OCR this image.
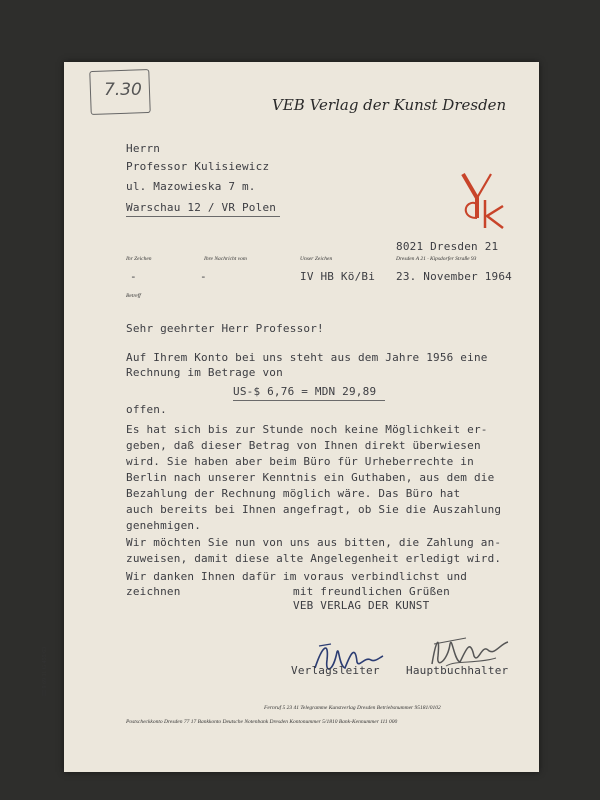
7.30
VEB Verlag der Kunst Dresden
Herrn
Professor Kulisiewicz
ul. Mazowieska 7 m.
Warschau 12 / VR Polen
Ihr Zeichen	Ihre Nachricht vom	Unser Zeichen	Dresden A 21 · Kipsdorfer Straße 93
8021 Dresden 21
-	-	IV HB Kö/Bi 23. November 1964
Betreff
Sehr geehrter Herr Professor!
Auf Ihrem Konto bei uns steht aus dem Jahre 1956 eine
Rechnung im Betrage von
US-$ 6,76 = MDN 29,89
offen.
Es hat sich bis zur Stunde noch keine Möglichkeit er-
geben, daß dieser Betrag von Ihnen direkt überwiesen
wird. Sie haben aber beim Büro für Urheberrechte in
Berlin nach unserer Kenntnis ein Guthaben, aus dem die
Bezahlung der Rechnung möglich wäre. Das Büro hat
auch bereits bei Ihnen angefragt, ob Sie die Auszahlung
genehmigen.
Wir möchten Sie nun von uns aus bitten, die Zahlung an-
zuweisen, damit diese alte Angelegenheit erledigt wird.
Wir danken Ihnen dafür im voraus verbindlichst und
zeichnen	mit freundlichen Grüßen
VEB VERLAG DER KUNST
Verlagsleiter Hauptbuchhalter
Fernruf 5 23 41 Telegramme Kunstverlag Dresden Betriebsnummer 95181/0102
Postscheckkonto Dresden 77 17 Bankkonto Deutsche Notenbank Dresden Kontonummer 5/1810 Bank-Kennummer 111 000
III 9 69 11 G 455/63
